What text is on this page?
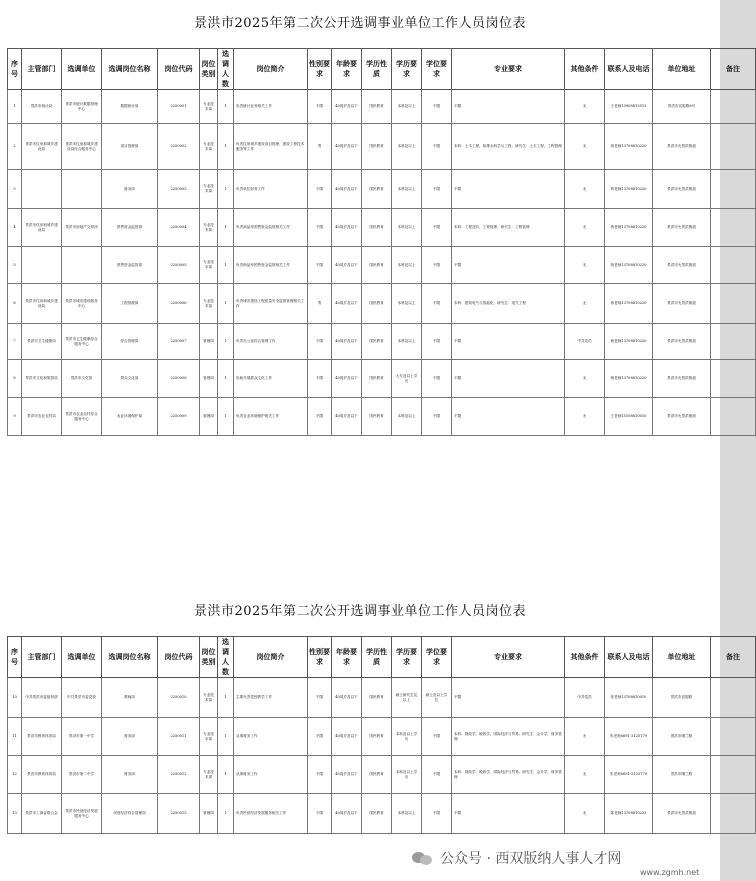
景洪市2025年第二次公开选调事业单位工作人员岗位表
序号	主管部门	选调单位	选调岗位名称	岗位代码	岗位类别	选调人数	岗位简介	性别要求	年龄要求	学历性质	学历要求	学位要求	专业要求	其他条件	联系人及电话	单位地址	备注
1	景洪市统计局	景洪市统计数据管理中心	数据统计岗	2250001	专业技术岗	1	负责统计业务相关工作	不限	40周岁及以下	国民教育	本科及以上	不限	不限	无	王老师13908815513	景洪市宣慰路6号	
2	景洪市住房和城乡建设局	景洪市住房和城乡建设局综合服务中心	项目管理岗	2250002	专业技术岗	1	负责住房城乡建设项目管理、建设工程技术服务等工作	男	40周岁及以下	国民教育	本科及以上	不限	本科：土木工程，给排水科学与工程；研究生：土木工程，工程管理	无	蒋老师13708810220	景洪市允景洪街道	
3			财务岗	2250003	专业技术岗	1	负责单位财务工作	不限	40周岁及以下	国民教育	本科及以上	不限	不限	无	蒋老师13708810220	景洪市允景洪街道	
4	景洪市住房和城乡建设局	景洪市房地产交易所	预售资金监管岗	2250004	专业技术岗	1	负责商品房预售资金监管相关工作	不限	40周岁及以下	国民教育	本科及以上	不限	本科：工程造价，工程管理；研究生：工程管理	无	蒋老师13708810220	景洪市允景洪街道	
5			预售资金监管岗	2250005	专业技术岗	1	负责商品房预售资金监管相关工作	不限	40周岁及以下	国民教育	本科及以上	不限	不限	无	蒋老师13708810220	景洪市允景洪街道	
6	景洪市住房和城乡建设局	景洪市城市建设服务中心	工程管理岗	2250006	专业技术岗	1	负责城市建设工程质量安全监督管理相关工作	男	40周岁及以下	国民教育	本科及以上	不限	本科：建筑电气与智能化；研究生：电气工程	无	蒋老师13708810220	景洪市允景洪街道	
7	景洪市卫生健康局	景洪市卫生健康综合服务中心	综合管理岗	2250007	管理岗	1	负责办公室综合管理工作	不限	40周岁及以下	国民教育	本科及以上	不限	不限	中共党员	杨老师13708810220	景洪市允景洪街道	
8	景洪市文化和旅游局	景洪市文化馆	群众文化岗	2250008	管理岗	1	协助开展群众文化工作	不限	40周岁及以下	国民教育	大专及以上学历	不限	不限	无	杨老师13708810220	景洪市允景洪街道	
9	景洪市农业农村局	景洪市农业农村综合服务中心	农业环境保护岗	2250009	管理岗	1	负责农业环境保护相关工作	不限	40周岁及以下	国民教育	本科及以上	不限	不限	无	王老师15108810010	景洪市允景洪街道	
景洪市2025年第二次公开选调事业单位工作人员岗位表
序号	主管部门	选调单位	选调岗位名称	岗位代码	岗位类别	选调人数	岗位简介	性别要求	年龄要求	学历性质	学历要求	学位要求	专业要求	其他条件	联系人及电话	单位地址	备注
10	中共景洪市委组织部	中共景洪市委党校	教师岗	2250010	专业技术岗	1	主要负责党校教学工作	不限	40周岁及以下	国民教育	硕士研究生及以上	硕士及以上学位	不限	中共党员	张老师13708810010	景洪市宣慰路	
11	景洪市教育体育局	景洪市第一中学	财务岗	2250011	专业技术岗	1	从事财务工作	不限	40周岁及以下	国民教育	本科及以上学历	不限	本科：财政学，税收学，国际经济与贸易；研究生：会计学，财务管理	无	朱老师0691-2125779	景洪市嘎兰路	
12	景洪市教育体育局	景洪市第二中学	财务岗	2250012	专业技术岗	1	从事财务工作	不限	40周岁及以下	国民教育	本科及以上学历	不限	本科：财政学，税收学，国际经济与贸易；研究生：会计学，财务管理	无	朱老师0691-2125779	景洪市嘎兰路	
13	景洪市工商业联合会	景洪市民营经济发展服务中心	民营经济综合管理岗	2250013	管理岗	1	负责民营经济发展服务相关工作	不限	40周岁及以下	国民教育	本科及以上	不限	不限	无	陈老师13708810225	景洪市允景洪街道	
公众号 · 西双版纳人事人才网
www.zgmh.net
